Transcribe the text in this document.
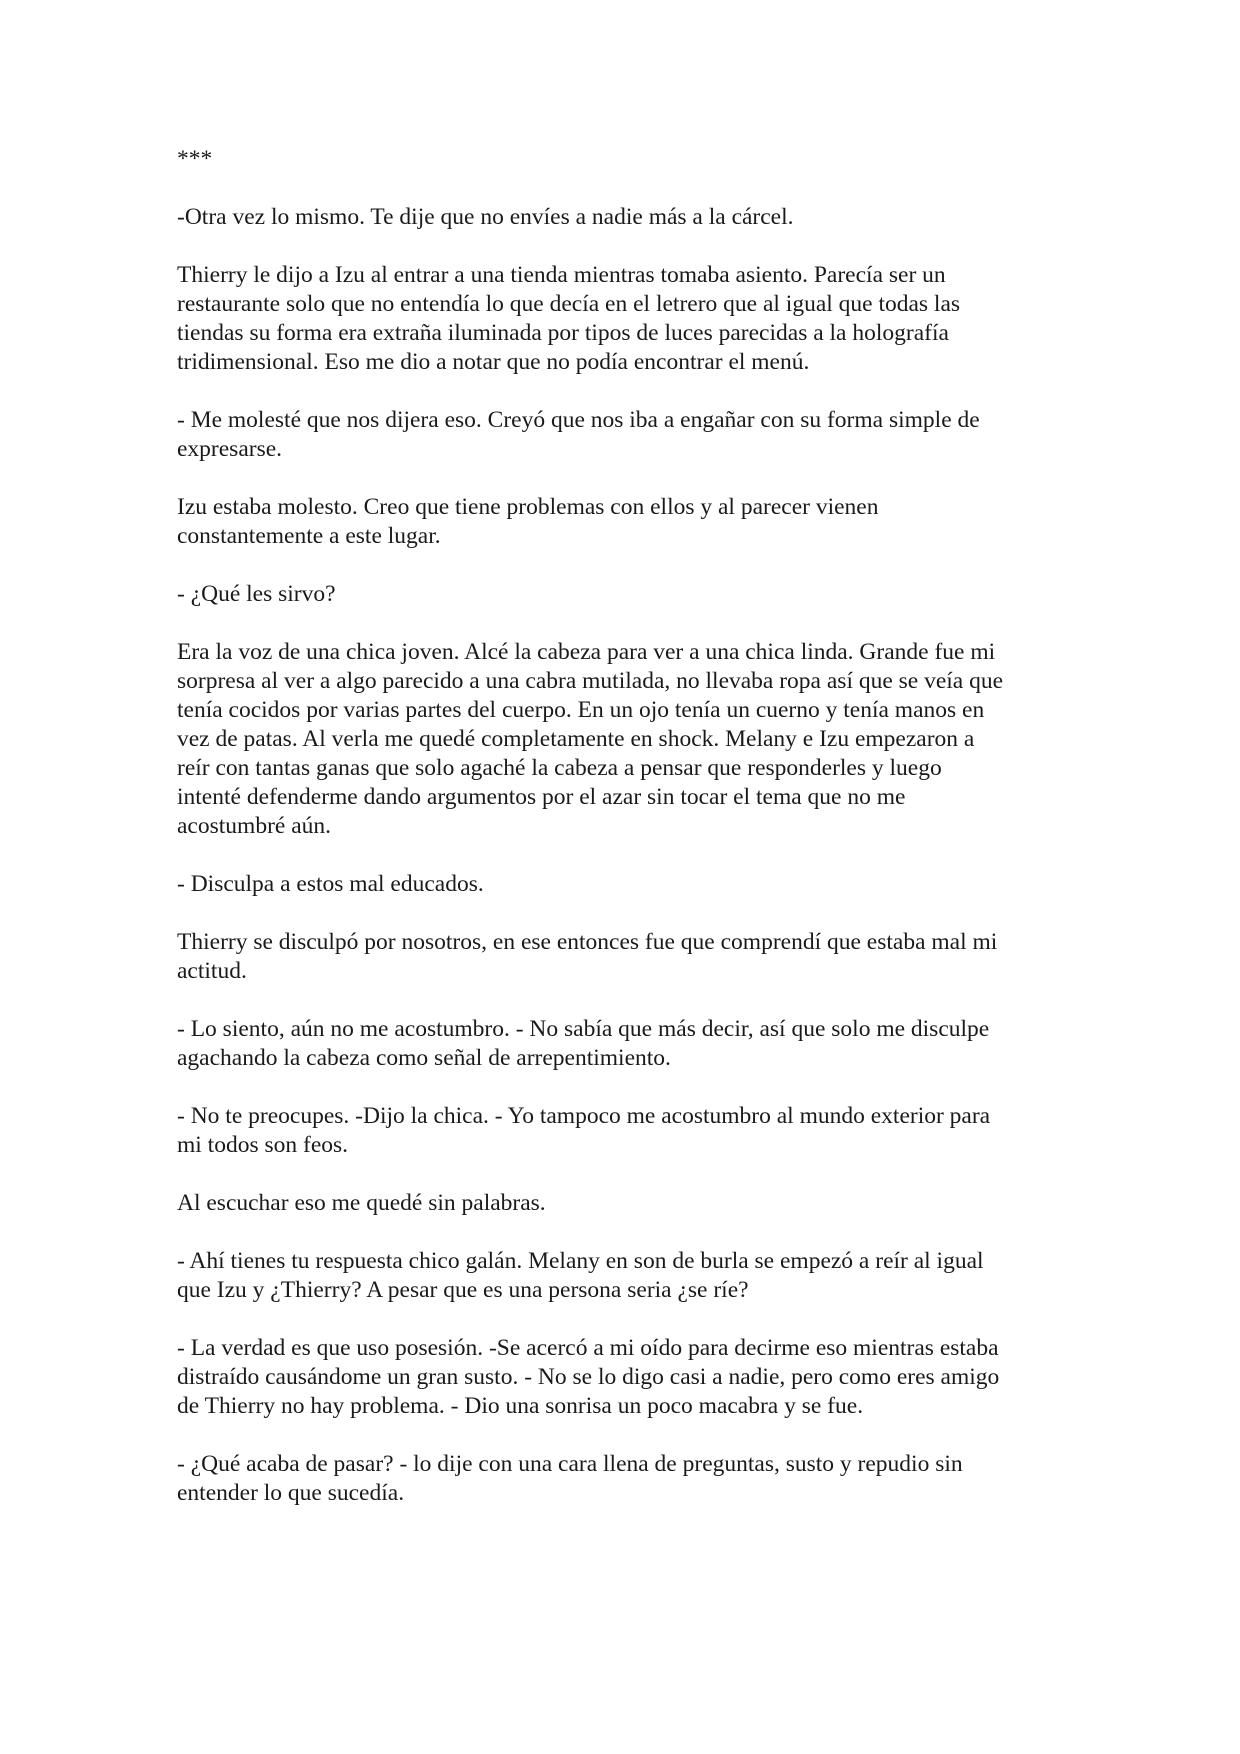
***

-Otra vez lo mismo. Te dije que no envíes a nadie más a la cárcel.

Thierry le dijo a Izu al entrar a una tienda mientras tomaba asiento. Parecía ser un
restaurante solo que no entendía lo que decía en el letrero que al igual que todas las
tiendas su forma era extraña iluminada por tipos de luces parecidas a la holografía
tridimensional. Eso me dio a notar que no podía encontrar el menú.

- Me molesté que nos dijera eso. Creyó que nos iba a engañar con su forma simple de
expresarse.

Izu estaba molesto. Creo que tiene problemas con ellos y al parecer vienen
constantemente a este lugar.

- ¿Qué les sirvo?

Era la voz de una chica joven. Alcé la cabeza para ver a una chica linda. Grande fue mi
sorpresa al ver a algo parecido a una cabra mutilada, no llevaba ropa así que se veía que
tenía cocidos por varias partes del cuerpo. En un ojo tenía un cuerno y tenía manos en
vez de patas. Al verla me quedé completamente en shock. Melany e Izu empezaron a
reír con tantas ganas que solo agaché la cabeza a pensar que responderles y luego
intenté defenderme dando argumentos por el azar sin tocar el tema que no me
acostumbré aún.

- Disculpa a estos mal educados.

Thierry se disculpó por nosotros, en ese entonces fue que comprendí que estaba mal mi
actitud.

- Lo siento, aún no me acostumbro. - No sabía que más decir, así que solo me disculpe
agachando la cabeza como señal de arrepentimiento.

- No te preocupes. -Dijo la chica. - Yo tampoco me acostumbro al mundo exterior para
mi todos son feos.

Al escuchar eso me quedé sin palabras.

- Ahí tienes tu respuesta chico galán. Melany en son de burla se empezó a reír al igual
que Izu y ¿Thierry? A pesar que es una persona seria ¿se ríe?

- La verdad es que uso posesión. -Se acercó a mi oído para decirme eso mientras estaba
distraído causándome un gran susto. - No se lo digo casi a nadie, pero como eres amigo
de Thierry no hay problema. - Dio una sonrisa un poco macabra y se fue.

- ¿Qué acaba de pasar? - lo dije con una cara llena de preguntas, susto y repudio sin
entender lo que sucedía.
